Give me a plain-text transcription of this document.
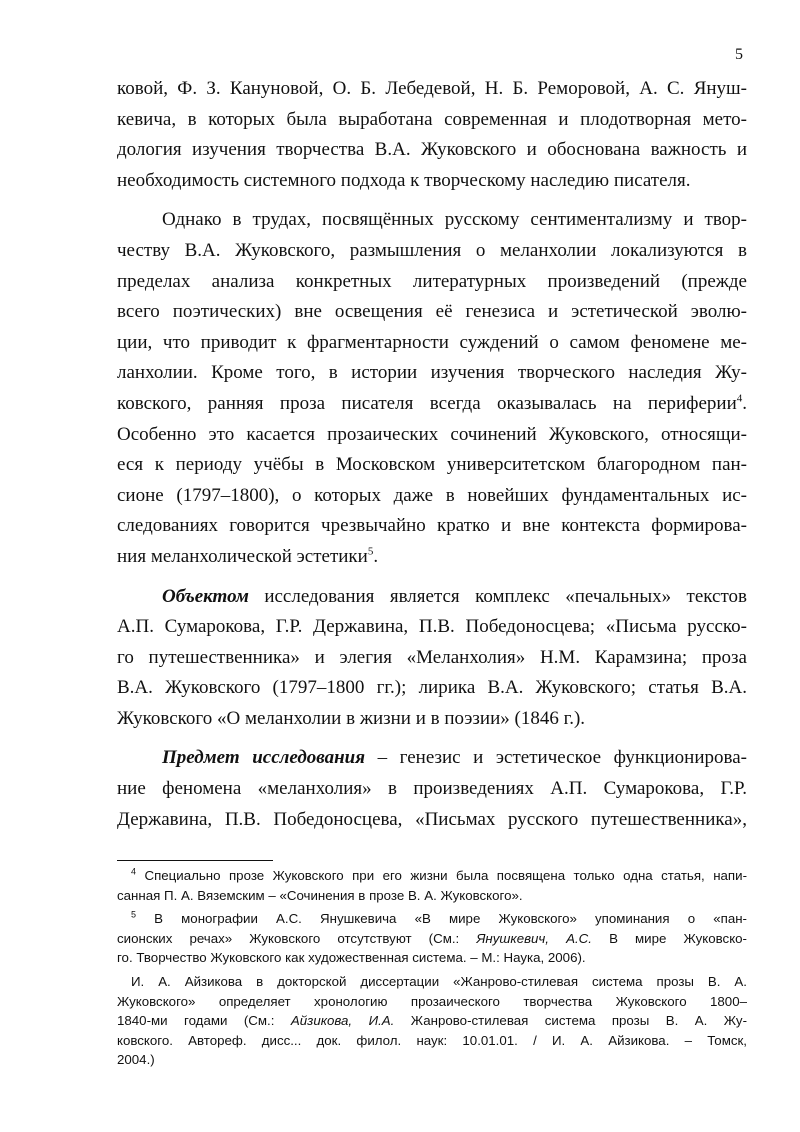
5
ковой, Ф. З. Кануновой, О. Б. Лебедевой, Н. Б. Реморовой, А. С. Януш-
кевича, в которых была выработана современная и плодотворная мето-
дология изучения творчества В.А. Жуковского и обоснована важность и
необходимость системного подхода к творческому наследию писателя.
Однако в трудах, посвящённых русскому сентиментализму и твор-
честву В.А. Жуковского, размышления о меланхолии локализуются в
пределах анализа конкретных литературных произведений (прежде
всего поэтических) вне освещения её генезиса и эстетической эволю-
ции, что приводит к фрагментарности суждений о самом феномене ме-
ланхолии. Кроме того, в истории изучения творческого наследия Жу-
ковского, ранняя проза писателя всегда оказывалась на периферии$^4$.
Особенно это касается прозаических сочинений Жуковского, относящи-
еся к периоду учёбы в Московском университетском благородном пан-
сионе (1797–1800), о которых даже в новейших фундаментальных ис-
следованиях говорится чрезвычайно кратко и вне контекста формирова-
ния меланхолической эстетики$^5$.
Объектом исследования является комплекс «печальных» текстов
А.П. Сумарокова, Г.Р. Державина, П.В. Победоносцева; «Письма русско-
го путешественника» и элегия «Меланхолия» Н.М. Карамзина; проза
В.А. Жуковского (1797–1800 гг.); лирика В.А. Жуковского; статья В.А.
Жуковского «О меланхолии в жизни и в поэзии» (1846 г.).
Предмет исследования – генезис и эстетическое функционирова-
ние феномена «меланхолия» в произведениях А.П. Сумарокова, Г.Р.
Державина, П.В. Победоносцева, «Письмах русского путешественника»,
$^4$ Специально прозе Жуковского при его жизни была посвящена только одна статья, напи-
санная П. А. Вяземским – «Сочинения в прозе В. А. Жуковского».
$^5$ В монографии А.С. Янушкевича «В мире Жуковского» упоминания о «пан-
сионских речах» Жуковского отсутствуют (См.: Янушкевич, А.С. В мире Жуковско-
го. Творчество Жуковского как художественная система. – М.: Наука, 2006).
И. А. Айзикова в докторской диссертации «Жанрово-стилевая система прозы В. А.
Жуковского» определяет хронологию прозаического творчества Жуковского 1800–
1840-ми годами (См.: Айзикова, И.А. Жанрово-стилевая система прозы В. А. Жу-
ковского. Автореф. дисс... док. филол. наук: 10.01.01. / И. А. Айзикова. – Томск,
2004.)
